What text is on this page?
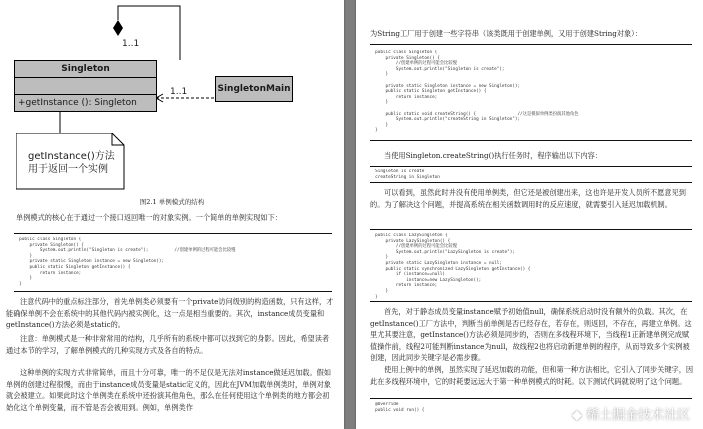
1..1
1..1
Singleton
+getInstance (): Singleton
SingletonMain
getInstance()方法
用于返回一个实例
图2.1 单例模式的结构
单例模式的核心在于通过一个接口返回唯一的对象实例。一个简单的单例实现如下：
public class Singleton {
private Singleton() {
System.out.println("Singleton is create");          //创建单例的过程可能会比较慢
}
private static Singleton instance = new Singleton();
public static Singleton getInstance() {
return instance;
}
}
注意代码中的重点标注部分，首先单例类必须要有一个private访问级别的构造函数，只有这样，才能确保单例不会在系统中的其他代码内被实例化，这一点是相当重要的。其次，instance成员变量和getInstance()方法必须是static的。
注意：单例模式是一种非常常用的结构，几乎所有的系统中都可以找到它的身影。因此，希望读者通过本节的学习，了解单例模式的几种实现方式及各自的特点。
这种单例的实现方式非常简单，而且十分可靠，唯一的不足仅是无法对instance做延迟加载。假如单例的创建过程很慢，而由于instance成员变量是static定义的，因此在JVM加载单例类时，单例对象就会被建立。如果此时这个单例类在系统中还扮演其他角色，那么在任何使用这个单例类的地方都会初始化这个单例变量，而不管是否会被用到。例如，单例类作
为String工厂用于创建一些字符串（该类既用于创建单例，又用于创建String对象）：
public class Singleton {
private Singleton() {
//创建单例的过程可能会比较慢
System.out.println("Singleton is create");
}

private static Singleton instance = new Singleton();
public static Singleton getInstance() {
return instance;
}

public static void createString() {                //这是模拟单例类扮演其他角色
System.out.println("createString in Singleton");
}
}
当使用Singleton.createString()执行任务时，程序输出以下内容：
Singleton is create
createString in Singleton
可以看到，虽然此时并没有使用单例类，但它还是被创建出来，这也许是开发人员所不愿意见到的。为了解决这个问题，并提高系统在相关函数调用时的反应速度，就需要引入延迟加载机制。
public class LazySingleton {
private LazySingleton() {
//创建单例的过程可能会比较慢
System.out.println("LazySingleton is create");
}
private static LazySingleton instance = null;
public static synchronized LazySingleton getInstance() {
if (instance==null)
instance=new LazySingleton();
return instance;
}
}
首先，对于静态成员变量instance赋予初始值null，确保系统启动时没有额外的负载。其次，在getInstance()工厂方法中，判断当前单例是否已经存在，若存在，则返回，不存在，再建立单例。这里尤其要注意，getInstance()方法必须是同步的，否则在多线程环境下，当线程1正新建单例完成赋值操作前，线程2可能判断instance为null，故线程2也将启动新建单例的程序，从而导致多个实例被创建，因此同步关键字是必需步骤。
使用上例中的单例，虽然实现了延迟加载的功能，但和第一种方法相比，它引入了同步关键字，因此在多线程环境中，它的时耗要远远大于第一种单例模式的时耗。以下测试代码就说明了这个问题。
@Override
public void run() {	◆ 稀土掘金技术社区
